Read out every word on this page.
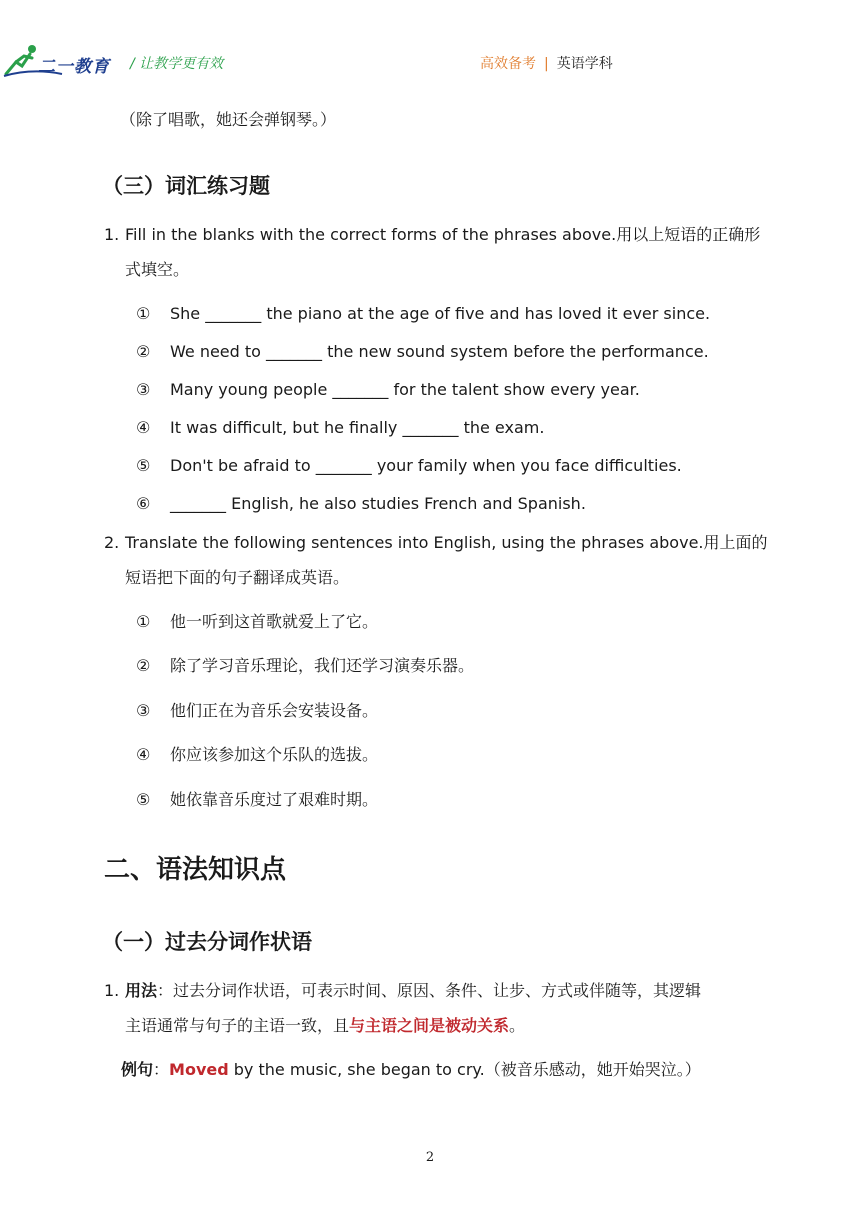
二一教育 / 让教学更有效	高效备考 | 英语学科
（除了唱歌，她还会弹钢琴。）
（三）词汇练习题
1. Fill in the blanks with the correct forms of the phrases above.用以上短语的正确形
式填空。
① She _______ the piano at the age of five and has loved it ever since.
② We need to _______ the new sound system before the performance.
③ Many young people _______ for the talent show every year.
④ It was difficult, but he finally _______ the exam.
⑤ Don't be afraid to _______ your family when you face difficulties.
⑥ _______ English, he also studies French and Spanish.
2. Translate the following sentences into English, using the phrases above.用上面的
短语把下面的句子翻译成英语。
① 他一听到这首歌就爱上了它。
② 除了学习音乐理论，我们还学习演奏乐器。
③ 他们正在为音乐会安装设备。
④ 你应该参加这个乐队的选拔。
⑤ 她依靠音乐度过了艰难时期。
二、语法知识点
（一）过去分词作状语
1. 用法：过去分词作状语，可表示时间、原因、条件、让步、方式或伴随等，其逻辑
主语通常与句子的主语一致，且与主语之间是被动关系。
例句：Moved by the music, she began to cry.（被音乐感动，她开始哭泣。）
2
